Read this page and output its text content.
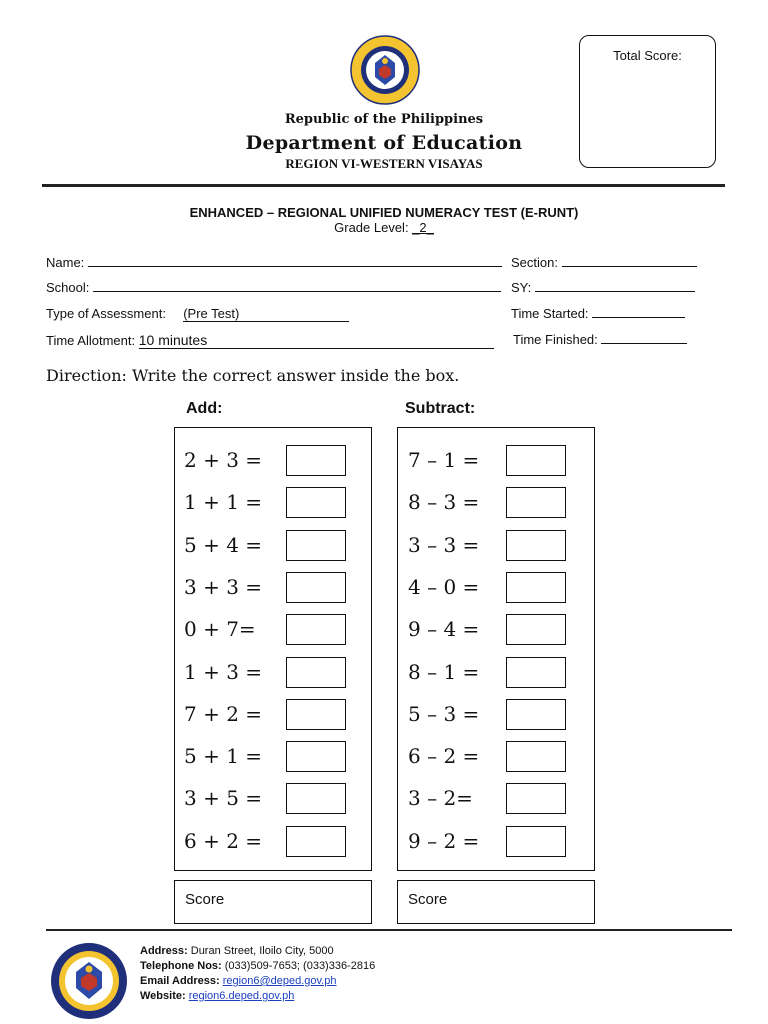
Republic of the Philippines
Department of Education
REGION VI-WESTERN VISAYAS
Total Score:
ENHANCED – REGIONAL UNIFIED NUMERACY TEST (E-RUNT)
Grade Level: _2_
Name:	Section:
School:	SY:
Type of Assessment: (Pre Test)	Time Started:
Time Allotment: 10 minutes	Time Finished:
Direction: Write the correct answer inside the box.
Add:
2 + 3 =
1 + 1 =
5 + 4 =
3 + 3 =
0 + 7=
1 + 3 =
7 + 2 =
5 + 1 =
3 + 5 =
6 + 2 =
Subtract:
7 – 1 =
8 – 3 =
3 – 3 =
4 – 0 =
9 – 4 =
8 – 1 =
5 – 3 =
6 – 2 =
3 – 2=
9 – 2 =
Score	Score
Address: Duran Street, Iloilo City, 5000
Telephone Nos: (033)509-7653; (033)336-2816
Email Address: region6@deped.gov.ph
Website: region6.deped.gov.ph
